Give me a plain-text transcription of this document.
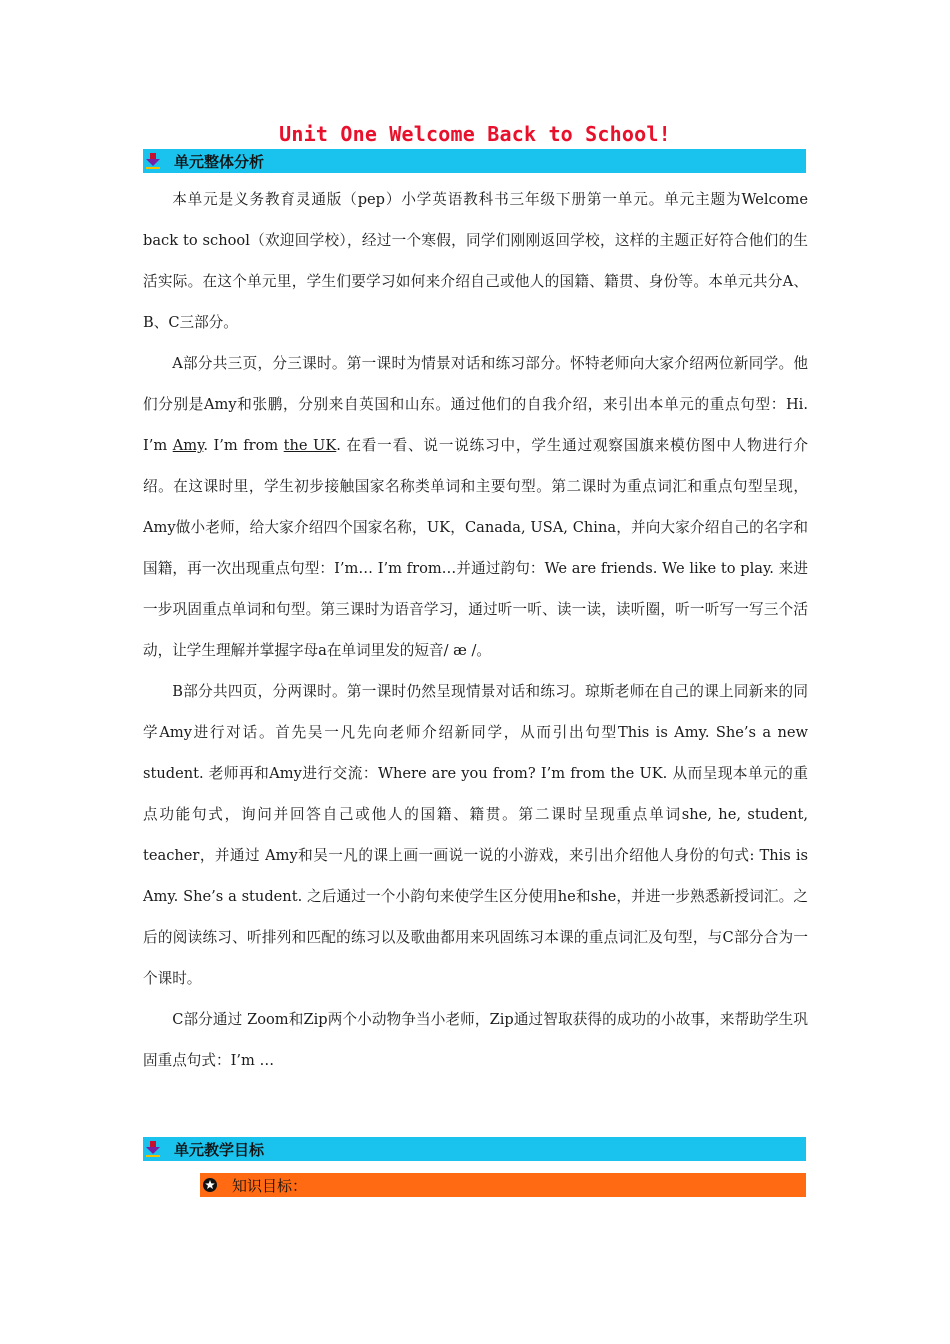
Unit One Welcome Back to School!
单元整体分析

本单元是义务教育灵通版（pep）小学英语教科书三年级下册第一单元。单元主题为Welcome back to school（欢迎回学校），经过一个寒假，同学们刚刚返回学校，这样的主题正好符合他们的生活实际。在这个单元里，学生们要学习如何来介绍自己或他人的国籍、籍贯、身份等。本单元共分A、B、C三部分。

A部分共三页，分三课时。第一课时为情景对话和练习部分。怀特老师向大家介绍两位新同学。他们分别是Amy和张鹏，分别来自英国和山东。通过他们的自我介绍，来引出本单元的重点句型：Hi. I’m Amy. I’m from the UK. 在看一看、说一说练习中，学生通过观察国旗来模仿图中人物进行介绍。在这课时里，学生初步接触国家名称类单词和主要句型。第二课时为重点词汇和重点句型呈现，Amy做小老师，给大家介绍四个国家名称，UK，Canada, USA, China，并向大家介绍自己的名字和国籍，再一次出现重点句型：I’m… I’m from…并通过韵句：We are friends. We like to play. 来进一步巩固重点单词和句型。第三课时为语音学习，通过听一听、读一读，读听圈，听一听写一写三个活动，让学生理解并掌握字母a在单词里发的短音/ æ /。

B部分共四页，分两课时。第一课时仍然呈现情景对话和练习。琼斯老师在自己的课上同新来的同学Amy进行对话。首先吴一凡先向老师介绍新同学，从而引出句型This is Amy. She’s a new student. 老师再和Amy进行交流：Where are you from? I’m from the UK. 从而呈现本单元的重点功能句式，询问并回答自己或他人的国籍、籍贯。第二课时呈现重点单词she, he, student, teacher，并通过 Amy和吴一凡的课上画一画说一说的小游戏，来引出介绍他人身份的句式: This is Amy. She’s a student. 之后通过一个小韵句来使学生区分使用he和she，并进一步熟悉新授词汇。之后的阅读练习、听排列和匹配的练习以及歌曲都用来巩固练习本课的重点词汇及句型，与C部分合为一个课时。

C部分通过 Zoom和Zip两个小动物争当小老师，Zip通过智取获得的成功的小故事，来帮助学生巩固重点句式：I’m …

单元教学目标
知识目标：
